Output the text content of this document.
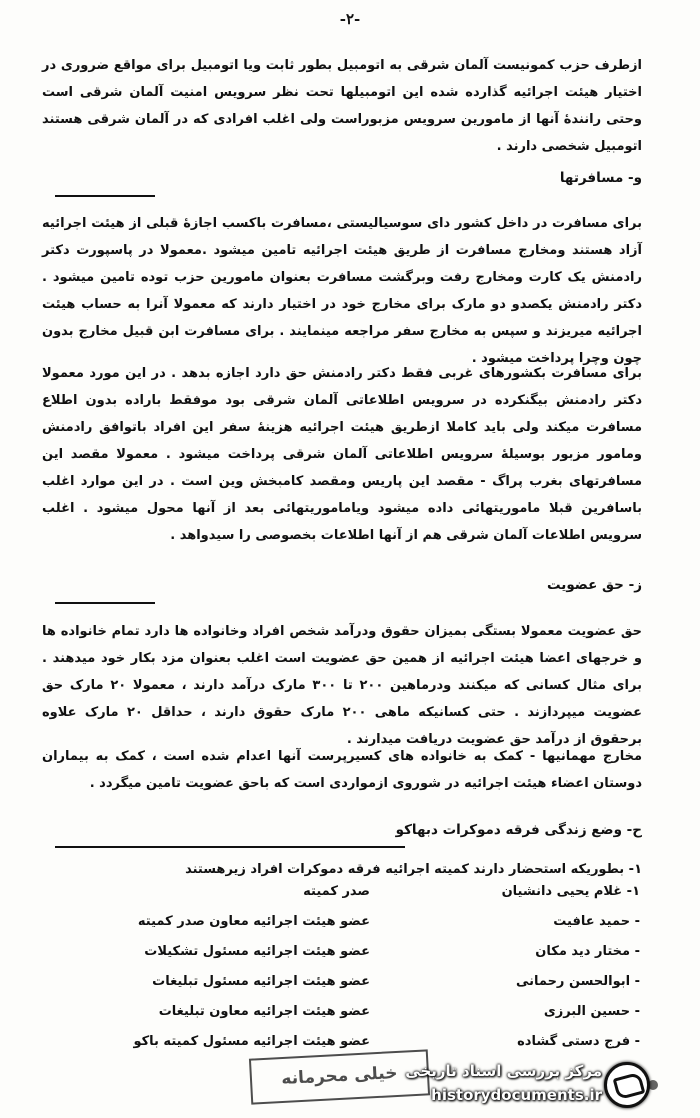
-۲-
ازطرف حزب کمونیست آلمان شرقی به اتومبیل بطور ثابت ویا اتومبیل برای مواقع ضروری در اختیار هیئت اجرائیه گذارده شده این اتومبیلها تحت نظر سرویس امنیت آلمان شرقی است وحتی رانندهٔ آنها از مامورین سرویس مزبوراست ولی اغلب افرادی که در آلمان شرقی هستند اتومبیل شخصی دارند .
و- مسافرتها
برای مسافرت در داخل کشور دای سوسیالیستی ،مسافرت باکسب اجازهٔ قبلی از هیئت اجرائیه آزاد هستند ومخارج مسافرت از طریق هیئت اجرائیه تامین میشود .معمولا در پاسپورت دکتر رادمنش یک کارت ومخارج رفت وبرگشت مسافرت بعنوان مامورین حزب توده تامین میشود . دکتر رادمنش یکصدو دو مارک برای مخارج خود در اختیار دارند که معمولا آنرا به حساب هیئت اجرائیه میریزند و سپس به مخارج سفر مراجعه مینمایند . برای مسافرت ابن قبیل مخارج بدون چون وچرا پرداخت میشود .
برای مسافرت بکشورهای غربی فقط دکتر رادمنش حق دارد اجازه بدهد . در این مورد معمولا دکتر رادمنش بیگنکرده در سرویس اطلاعاتی آلمان شرقی بود موفقط باراده بدون اطلاع مسافرت میکند ولی باید کاملا ازطریق هیئت اجرائیه هزینهٔ سفر این افراد باتوافق رادمنش ومامور مزبور بوسیلهٔ سرویس اطلاعاتی آلمان شرقی پرداخت میشود . معمولا مقصد این مسافرتهای بغرب پراگ - مقصد این پاریس ومقصد کامبخش وین است . در این موارد اغلب باسافرین قبلا ماموریتهائی داده میشود ویاماموریتهائی بعد از آنها محول میشود . اغلب سرویس اطلاعات آلمان شرقی هم از آنها اطلاعات بخصوصی را سیدواهد .
ز- حق عضویت
حق عضویت معمولا بستگی بمیزان حقوق ودرآمد شخص افراد وخانواده ها دارد تمام خانواده ها و خرجهای اعضا هیئت اجرائیه از همین حق عضویت است اغلب بعنوان مزد بکار خود میدهند . برای مثال کسانی که میکنند ودرماهین ۲۰۰ تا ۳۰۰ مارک درآمد دارند ، معمولا ۲۰ مارک حق عضویت میپردازند . حتی کسانیکه ماهی ۲۰۰ مارک حقوق دارند ، حداقل ۲۰ مارک علاوه برحقوق از درآمد حق عضویت دریافت میدارند .
مخارج مهمانیها - کمک به خانواده های کسیرپرست آنها اعدام شده است ، کمک به بیماران دوستان اعضاء هیئت اجرائیه در شوروی ازمواردی است که باحق عضویت تامین میگردد .
ح- وضع زندگی فرقه دموکرات دبهاکو
۱- بطوریکه استحضار دارند کمیته اجرائیه فرقه دموکرات افراد زیرهستند
۱- غلام یحیی دانشیان
صدر کمیته
- حمید عافیت
عضو هیئت اجرائیه معاون صدر کمیته
- مختار دید مکان
عضو هیئت اجرائیه مسئول تشکیلات
- ابوالحسن رحمانی
عضو هیئت اجرائیه مسئول تبلیغات
- حسین البرزی
عضو هیئت اجرائیه معاون تبلیغات
- فرج دستی گشاده
عضو هیئت اجرائیه مسئول کمیته باکو
خیلی محرمانه مرکز بررسی اسناد تاریخی
historydocuments.ir
